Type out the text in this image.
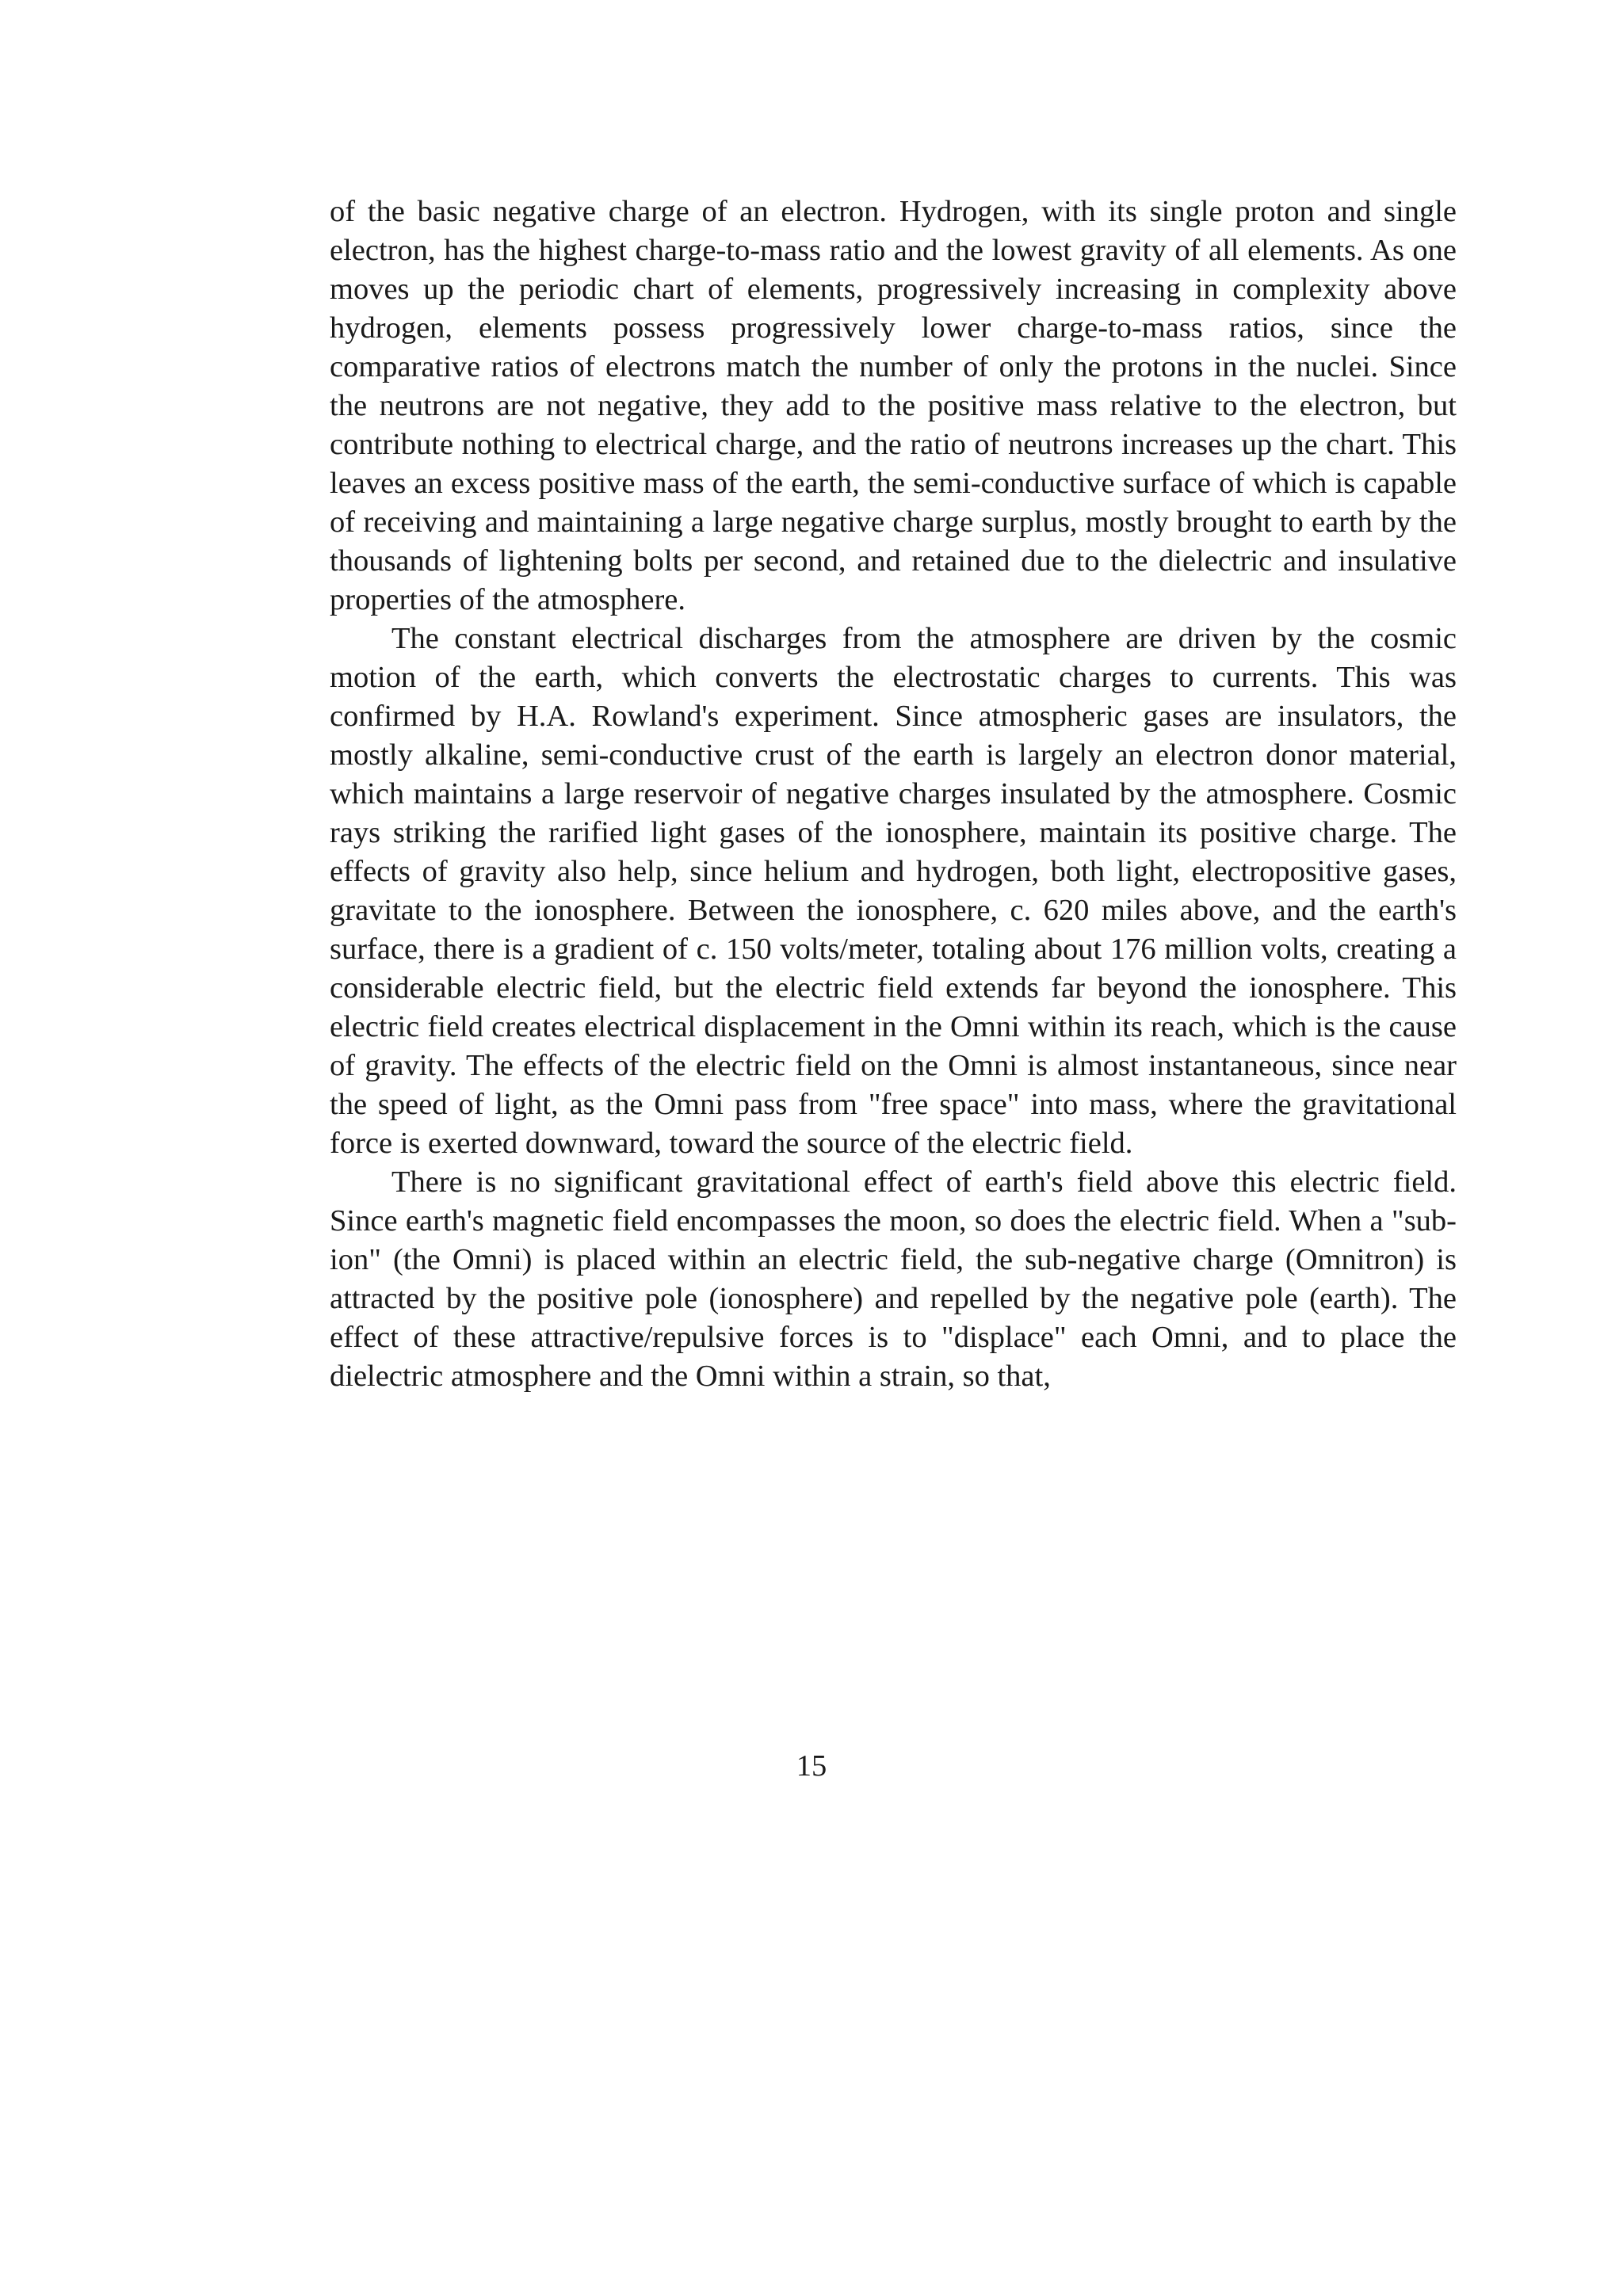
of the basic negative charge of an electron. Hydrogen, with its single proton and single electron, has the highest charge-to-mass ratio and the lowest gravity of all elements. As one moves up the periodic chart of elements, progressively increasing in complexity above hydrogen, elements possess progressively lower charge-to-mass ratios, since the comparative ratios of electrons match the number of only the protons in the nuclei. Since the neutrons are not negative, they add to the positive mass relative to the electron, but contribute nothing to electrical charge, and the ratio of neutrons increases up the chart. This leaves an excess positive mass of the earth, the semi-conductive surface of which is capable of receiving and maintaining a large negative charge surplus, mostly brought to earth by the thousands of lightening bolts per second, and retained due to the dielectric and insulative properties of the atmosphere.

The constant electrical discharges from the atmosphere are driven by the cosmic motion of the earth, which converts the electrostatic charges to currents. This was confirmed by H.A. Rowland's experiment. Since atmospheric gases are insulators, the mostly alkaline, semi-conductive crust of the earth is largely an electron donor material, which maintains a large reservoir of negative charges insulated by the atmosphere. Cosmic rays striking the rarified light gases of the ionosphere, maintain its positive charge. The effects of gravity also help, since helium and hydrogen, both light, electropositive gases, gravitate to the ionosphere. Between the ionosphere, c. 620 miles above, and the earth's surface, there is a gradient of c. 150 volts/meter, totaling about 176 million volts, creating a considerable electric field, but the electric field extends far beyond the ionosphere. This electric field creates electrical displacement in the Omni within its reach, which is the cause of gravity. The effects of the electric field on the Omni is almost instantaneous, since near the speed of light, as the Omni pass from "free space" into mass, where the gravitational force is exerted downward, toward the source of the electric field.

There is no significant gravitational effect of earth's field above this electric field. Since earth's magnetic field encompasses the moon, so does the electric field. When a "sub-ion" (the Omni) is placed within an electric field, the sub-negative charge (Omnitron) is attracted by the positive pole (ionosphere) and repelled by the negative pole (earth). The effect of these attractive/repulsive forces is to "displace" each Omni, and to place the dielectric atmosphere and the Omni within a strain, so that,

15
